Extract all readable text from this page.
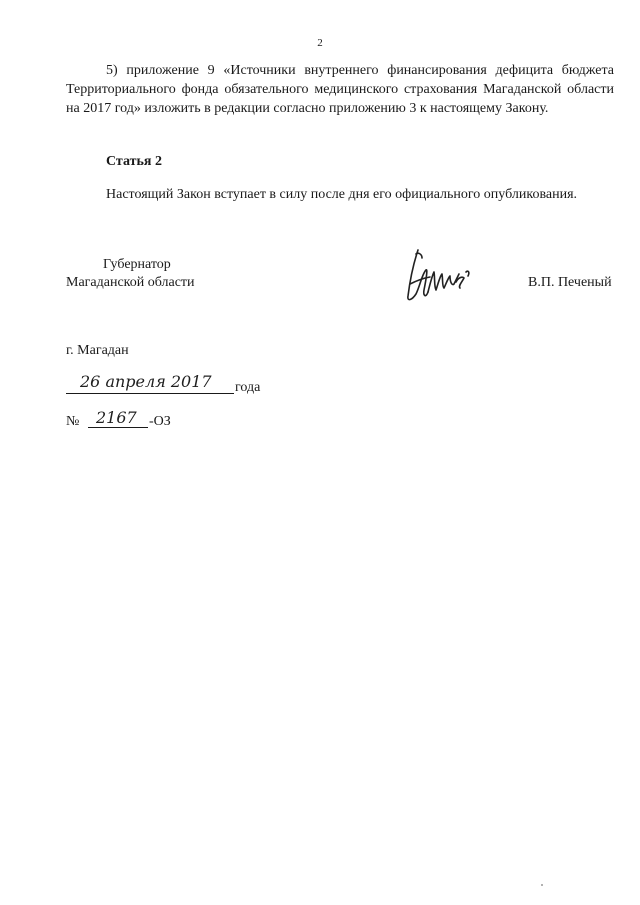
2

5) приложение 9 «Источники внутреннего финансирования дефицита бюджета Территориального фонда обязательного медицинского страхования Магаданской области на 2017 год» изложить в редакции согласно приложению 3 к настоящему Закону.

Статья 2

Настоящий Закон вступает в силу после дня его официального опубликования.

Губернатор
Магаданской области	В.П. Печеный
г. Магадан
26 апреля 2017 года
№ 2167 -ОЗ
